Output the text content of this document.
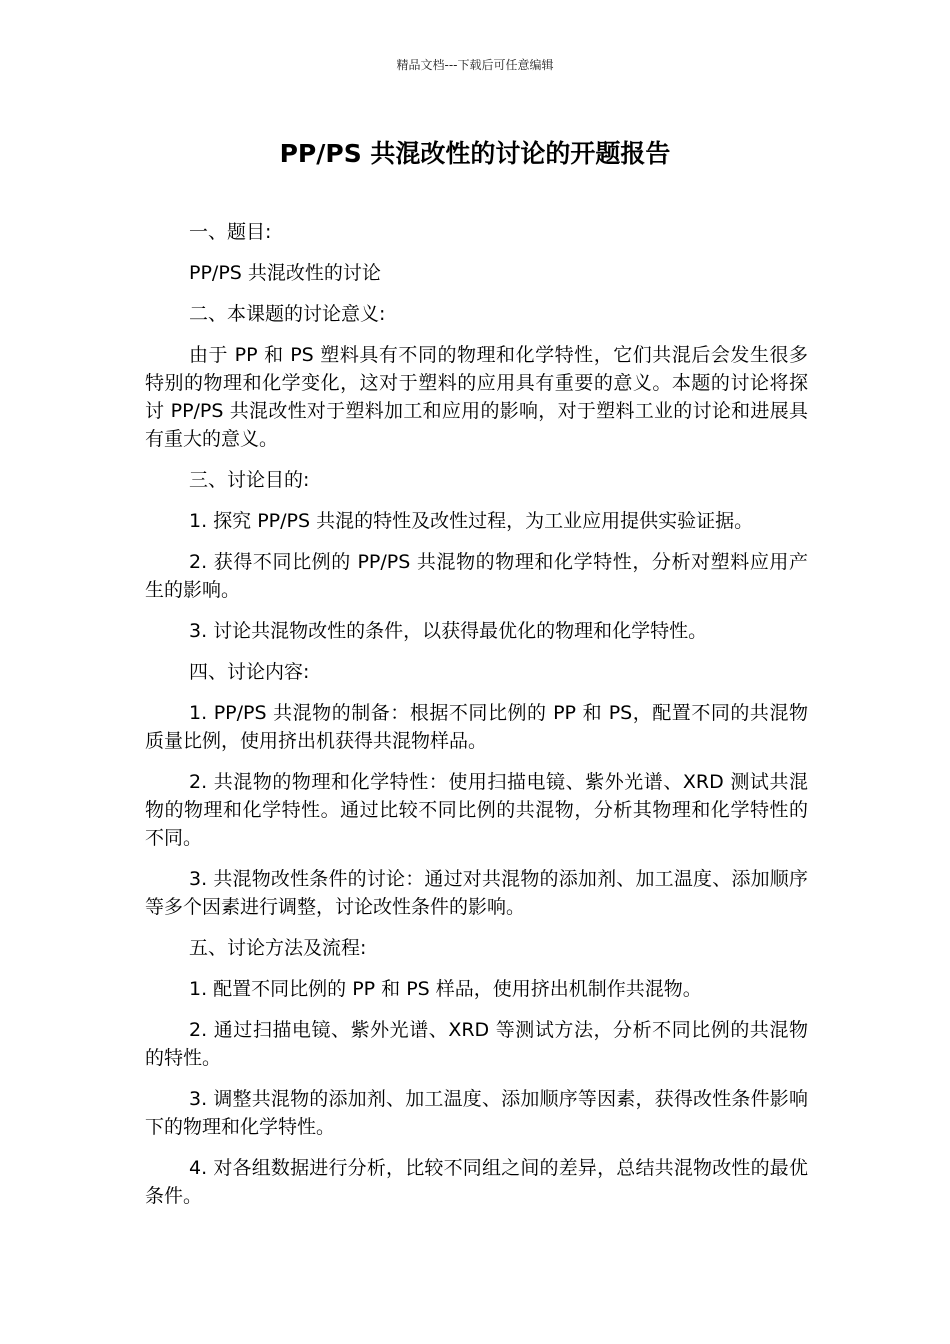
精品文档---下载后可任意编辑
PP/PS 共混改性的讨论的开题报告

一、题目:

PP/PS 共混改性的讨论

二、本课题的讨论意义:

由于 PP 和 PS 塑料具有不同的物理和化学特性，它们共混后会发生很多特别的物理和化学变化，这对于塑料的应用具有重要的意义。本题的讨论将探讨 PP/PS 共混改性对于塑料加工和应用的影响，对于塑料工业的讨论和进展具有重大的意义。

三、讨论目的:

1. 探究 PP/PS 共混的特性及改性过程，为工业应用提供实验证据。

2. 获得不同比例的 PP/PS 共混物的物理和化学特性，分析对塑料应用产生的影响。

3. 讨论共混物改性的条件，以获得最优化的物理和化学特性。

四、讨论内容:

1. PP/PS 共混物的制备：根据不同比例的 PP 和 PS，配置不同的共混物质量比例，使用挤出机获得共混物样品。

2. 共混物的物理和化学特性：使用扫描电镜、紫外光谱、XRD 测试共混物的物理和化学特性。通过比较不同比例的共混物，分析其物理和化学特性的不同。

3. 共混物改性条件的讨论：通过对共混物的添加剂、加工温度、添加顺序等多个因素进行调整，讨论改性条件的影响。

五、讨论方法及流程:

1. 配置不同比例的 PP 和 PS 样品，使用挤出机制作共混物。

2. 通过扫描电镜、紫外光谱、XRD 等测试方法，分析不同比例的共混物的特性。

3. 调整共混物的添加剂、加工温度、添加顺序等因素，获得改性条件影响下的物理和化学特性。

4. 对各组数据进行分析，比较不同组之间的差异，总结共混物改性的最优条件。
